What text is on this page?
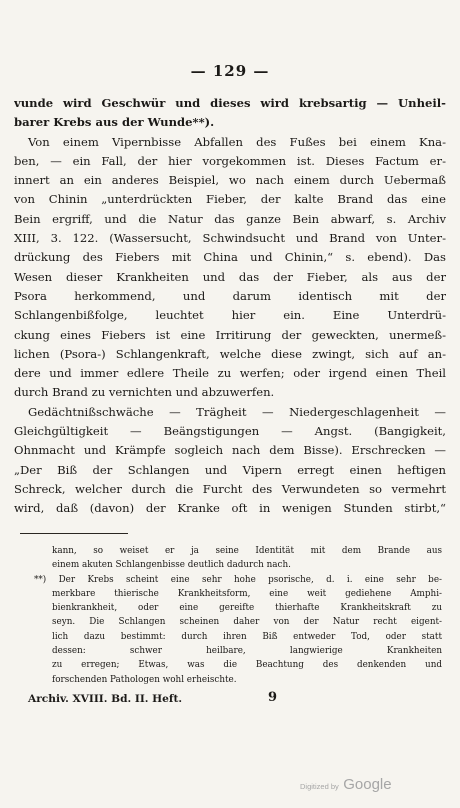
— 129 —
vunde wird Geschwür und dieses wird krebsartig — Unheil-
barer Krebs aus der Wunde**).
Von einem Vipernbisse Abfallen des Fußes bei einem Kna-
ben, — ein Fall, der hier vorgekommen ist. Dieses Factum er-
innert an ein anderes Beispiel, wo nach einem durch Uebermaß
von Chinin „unterdrückten Fieber, der kalte Brand das eine
Bein ergriff, und die Natur das ganze Bein abwarf, s. Archiv
XIII, 3. 122. (Wassersucht, Schwindsucht und Brand von Unter-
drückung des Fiebers mit China und Chinin,“ s. ebend). Das
Wesen dieser Krankheiten und das der Fieber, als aus der
Psora herkommend, und darum identisch mit der
Schlangenbißfolge, leuchtet hier ein. Eine Unterdrü-
ckung eines Fiebers ist eine Irritirung der geweckten, unermeß-
lichen (Psora-) Schlangenkraft, welche diese zwingt, sich auf an-
dere und immer edlere Theile zu werfen; oder irgend einen Theil
durch Brand zu vernichten und abzuwerfen.
Gedächtnißschwäche — Trägheit — Niedergeschlagenheit —
Gleichgültigkeit — Beängstigungen — Angst. (Bangigkeit,
Ohnmacht und Krämpfe sogleich nach dem Bisse). Erschrecken —
„Der Biß der Schlangen und Vipern erregt einen heftigen
Schreck, welcher durch die Furcht des Verwundeten so vermehrt
wird, daß (davon) der Kranke oft in wenigen Stunden stirbt,“
kann, so weiset er ja seine Identität mit dem Brande aus
einem akuten Schlangenbisse deutlich dadurch nach.
**) Der Krebs scheint eine sehr hohe psorische, d. i. eine sehr be-
merkbare thierische Krankheitsform, eine weit gediehene Amphi-
bienkrankheit, oder eine gereifte thierhafte Krankheitskraft zu
seyn. Die Schlangen scheinen daher von der Natur recht eigent-
lich dazu bestimmt: durch ihren Biß entweder Tod, oder statt
dessen: schwer heilbare, langwierige Krankheiten
zu erregen; Etwas, was die Beachtung des denkenden und
forschenden Pathologen wohl erheischte.
Archiv. XVIII. Bd. II. Heft.	9
Digitized by Google
